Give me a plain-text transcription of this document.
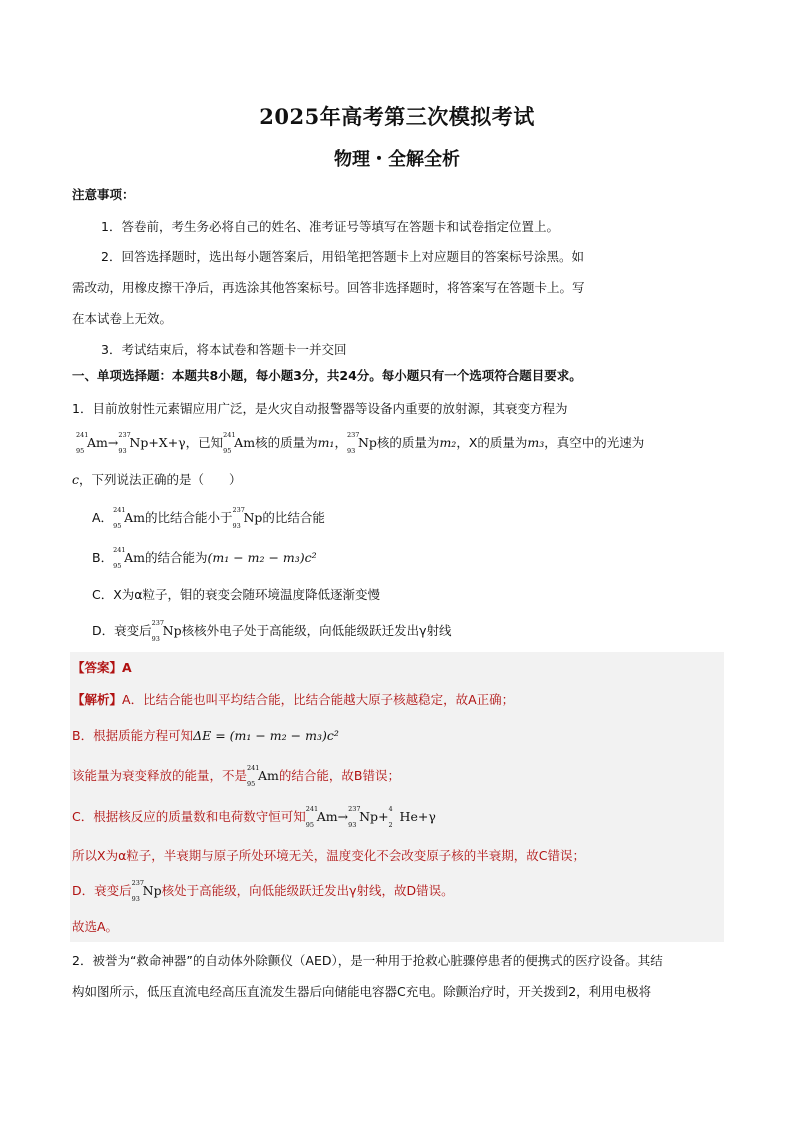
2025年高考第三次模拟考试
物理・全解全析
注意事项：
1．答卷前，考生务必将自己的姓名、准考证号等填写在答题卡和试卷指定位置上。
2．回答选择题时，选出每小题答案后，用铅笔把答题卡上对应题目的答案标号涂黑。如
需改动，用橡皮擦干净后，再选涂其他答案标号。回答非选择题时，将答案写在答题卡上。写
在本试卷上无效。
3．考试结束后，将本试卷和答题卡一并交回
一、单项选择题：本题共8小题，每小题3分，共24分。每小题只有一个选项符合题目要求。
1．目前放射性元素镅应用广泛，是火灾自动报警器等设备内重要的放射源，其衰变方程为
241
95
Am→ 237
93
Np+X+γ，已知 241
95
Am核的质量为m₁， 237
93
Np核的质量为m₂，X的质量为m₃，真空中的光速为
c，下列说法正确的是（　　）
A． 241
95
Am的比结合能小于 237
93
Np的比结合能
B． 241
95
Am的结合能为(m₁ − m₂ − m₃)c²
C．X为α粒子，钼的衰变会随环境温度降低逐渐变慢
D．衰变后 237
93
Np核核外电子处于高能级，向低能级跃迁发出γ射线
【答案】A
【解析】A．比结合能也叫平均结合能，比结合能越大原子核越稳定，故A正确；
B．根据质能方程可知ΔE = (m₁ − m₂ − m₃)c²
该能量为衰变释放的能量，不是 241
95
Am的结合能，故B错误；
C．根据核反应的质量数和电荷数守恒可知 241
95
Am→ 237
93
Np+ 4
2
He+γ
所以X为α粒子，半衰期与原子所处环境无关，温度变化不会改变原子核的半衰期，故C错误；
D．衰变后 237
93
Np核处于高能级，向低能级跃迁发出γ射线，故D错误。
故选A。
2．被誉为“救命神器”的自动体外除颤仪（AED），是一种用于抢救心脏骤停患者的便携式的医疗设备。其结
构如图所示，低压直流电经高压直流发生器后向储能电容器C充电。除颤治疗时，开关拨到2，利用电极将
